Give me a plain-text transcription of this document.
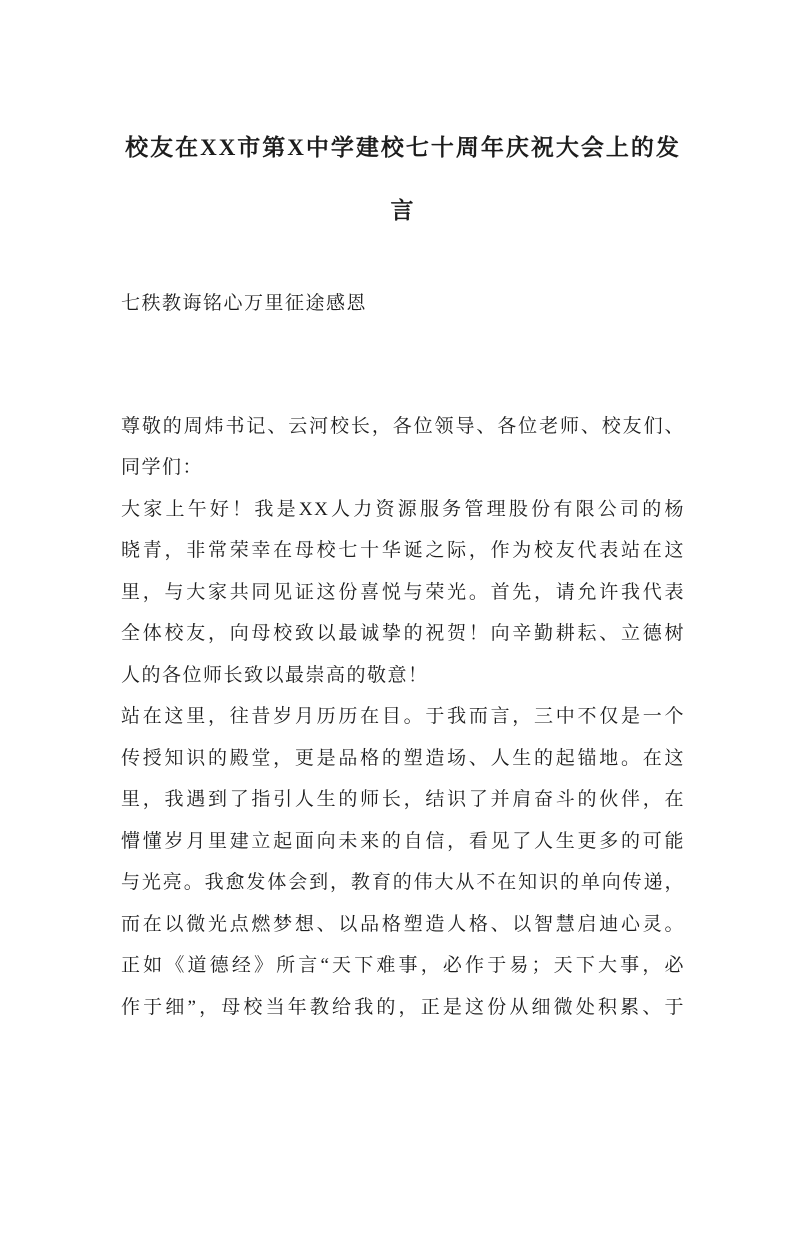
校友在XX市第X中学建校七十周年庆祝大会上的发
言
七秩教诲铭心万里征途感恩
尊敬的周炜书记、云河校长，各位领导、各位老师、校友们、
同学们：
大家上午好！我是XX人力资源服务管理股份有限公司的杨
晓青，非常荣幸在母校七十华诞之际，作为校友代表站在这
里，与大家共同见证这份喜悦与荣光。首先，请允许我代表
全体校友，向母校致以最诚挚的祝贺！向辛勤耕耘、立德树
人的各位师长致以最崇高的敬意！
站在这里，往昔岁月历历在目。于我而言，三中不仅是一个
传授知识的殿堂，更是品格的塑造场、人生的起锚地。在这
里，我遇到了指引人生的师长，结识了并肩奋斗的伙伴，在
懵懂岁月里建立起面向未来的自信，看见了人生更多的可能
与光亮。我愈发体会到，教育的伟大从不在知识的单向传递，
而在以微光点燃梦想、以品格塑造人格、以智慧启迪心灵。
正如《道德经》所言“天下难事，必作于易；天下大事，必
作于细”，母校当年教给我的，正是这份从细微处积累、于
